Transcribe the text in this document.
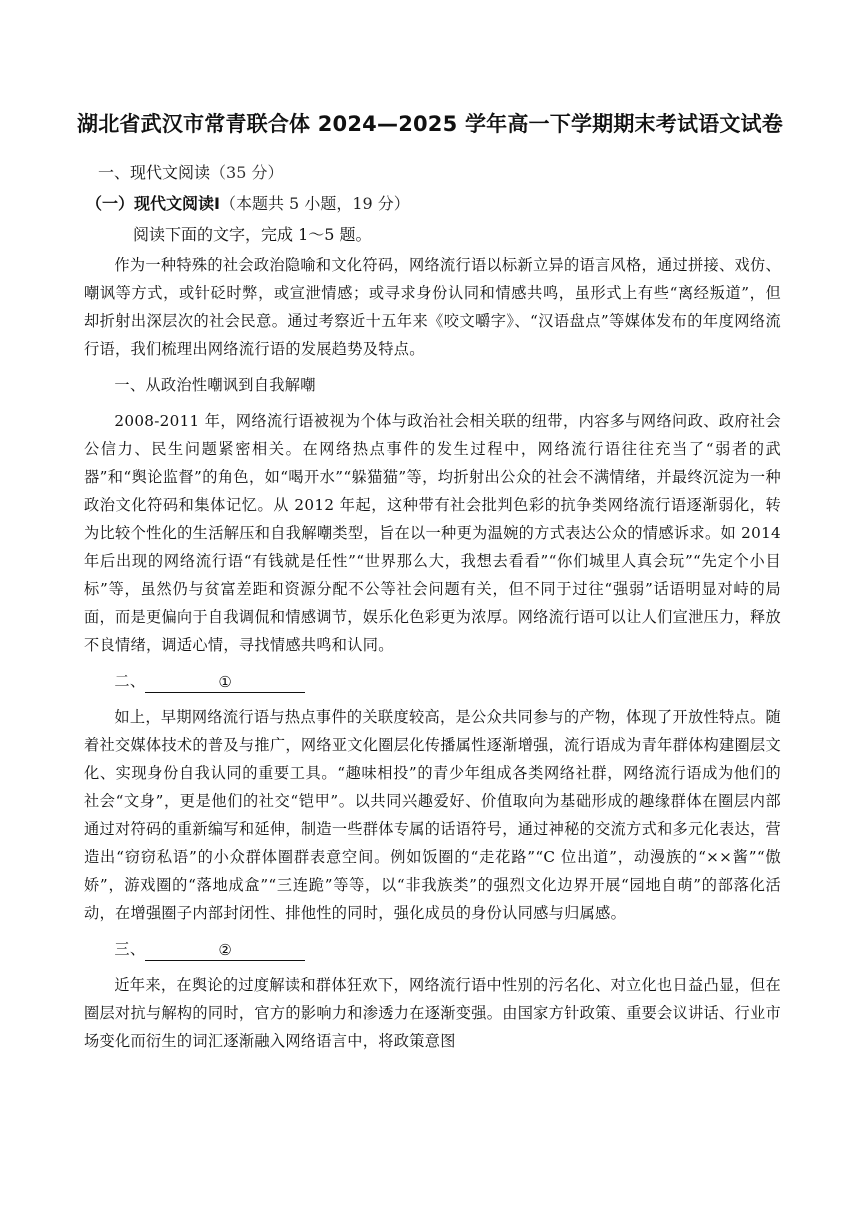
湖北省武汉市常青联合体 2024—2025 学年高一下学期期末考试语文试卷
一、现代文阅读（35 分）
（一）现代文阅读Ⅰ（本题共 5 小题，19 分）
阅读下面的文字，完成 1～5 题。

作为一种特殊的社会政治隐喻和文化符码，网络流行语以标新立异的语言风格，通过拼接、戏仿、嘲讽等方式，或针砭时弊，或宣泄情感；或寻求身份认同和情感共鸣，虽形式上有些“离经叛道”，但却折射出深层次的社会民意。通过考察近十五年来《咬文嚼字》、“汉语盘点”等媒体发布的年度网络流行语，我们梳理出网络流行语的发展趋势及特点。

一、从政治性嘲讽到自我解嘲

2008-2011 年，网络流行语被视为个体与政治社会相关联的纽带，内容多与网络问政、政府社会公信力、民生问题紧密相关。在网络热点事件的发生过程中，网络流行语往往充当了“弱者的武器”和“舆论监督”的角色，如“喝开水”“躲猫猫”等，均折射出公众的社会不满情绪，并最终沉淀为一种政治文化符码和集体记忆。从 2012 年起，这种带有社会批判色彩的抗争类网络流行语逐渐弱化，转为比较个性化的生活解压和自我解嘲类型，旨在以一种更为温婉的方式表达公众的情感诉求。如 2014 年后出现的网络流行语“有钱就是任性”“世界那么大，我想去看看”“你们城里人真会玩”“先定个小目标”等，虽然仍与贫富差距和资源分配不公等社会问题有关，但不同于过往“强弱”话语明显对峙的局面，而是更偏向于自我调侃和情感调节，娱乐化色彩更为浓厚。网络流行语可以让人们宣泄压力，释放不良情绪，调适心情，寻找情感共鸣和认同。

二、	①

如上，早期网络流行语与热点事件的关联度较高，是公众共同参与的产物，体现了开放性特点。随着社交媒体技术的普及与推广，网络亚文化圈层化传播属性逐渐增强，流行语成为青年群体构建圈层文化、实现身份自我认同的重要工具。“趣味相投”的青少年组成各类网络社群，网络流行语成为他们的社会“文身”，更是他们的社交“铠甲”。以共同兴趣爱好、价值取向为基础形成的趣缘群体在圈层内部通过对符码的重新编写和延伸，制造一些群体专属的话语符号，通过神秘的交流方式和多元化表达，营造出“窃窃私语”的小众群体圈群表意空间。例如饭圈的“走花路”“C 位出道”，动漫族的“××酱”“傲娇”，游戏圈的“落地成盒”“三连跪”等等，以“非我族类”的强烈文化边界开展“园地自萌”的部落化活动，在增强圈子内部封闭性、排他性的同时，强化成员的身份认同感与归属感。

三、	②

近年来，在舆论的过度解读和群体狂欢下，网络流行语中性别的污名化、对立化也日益凸显，但在圈层对抗与解构的同时，官方的影响力和渗透力在逐渐变强。由国家方针政策、重要会议讲话、行业市场变化而衍生的词汇逐渐融入网络语言中，将政策意图
